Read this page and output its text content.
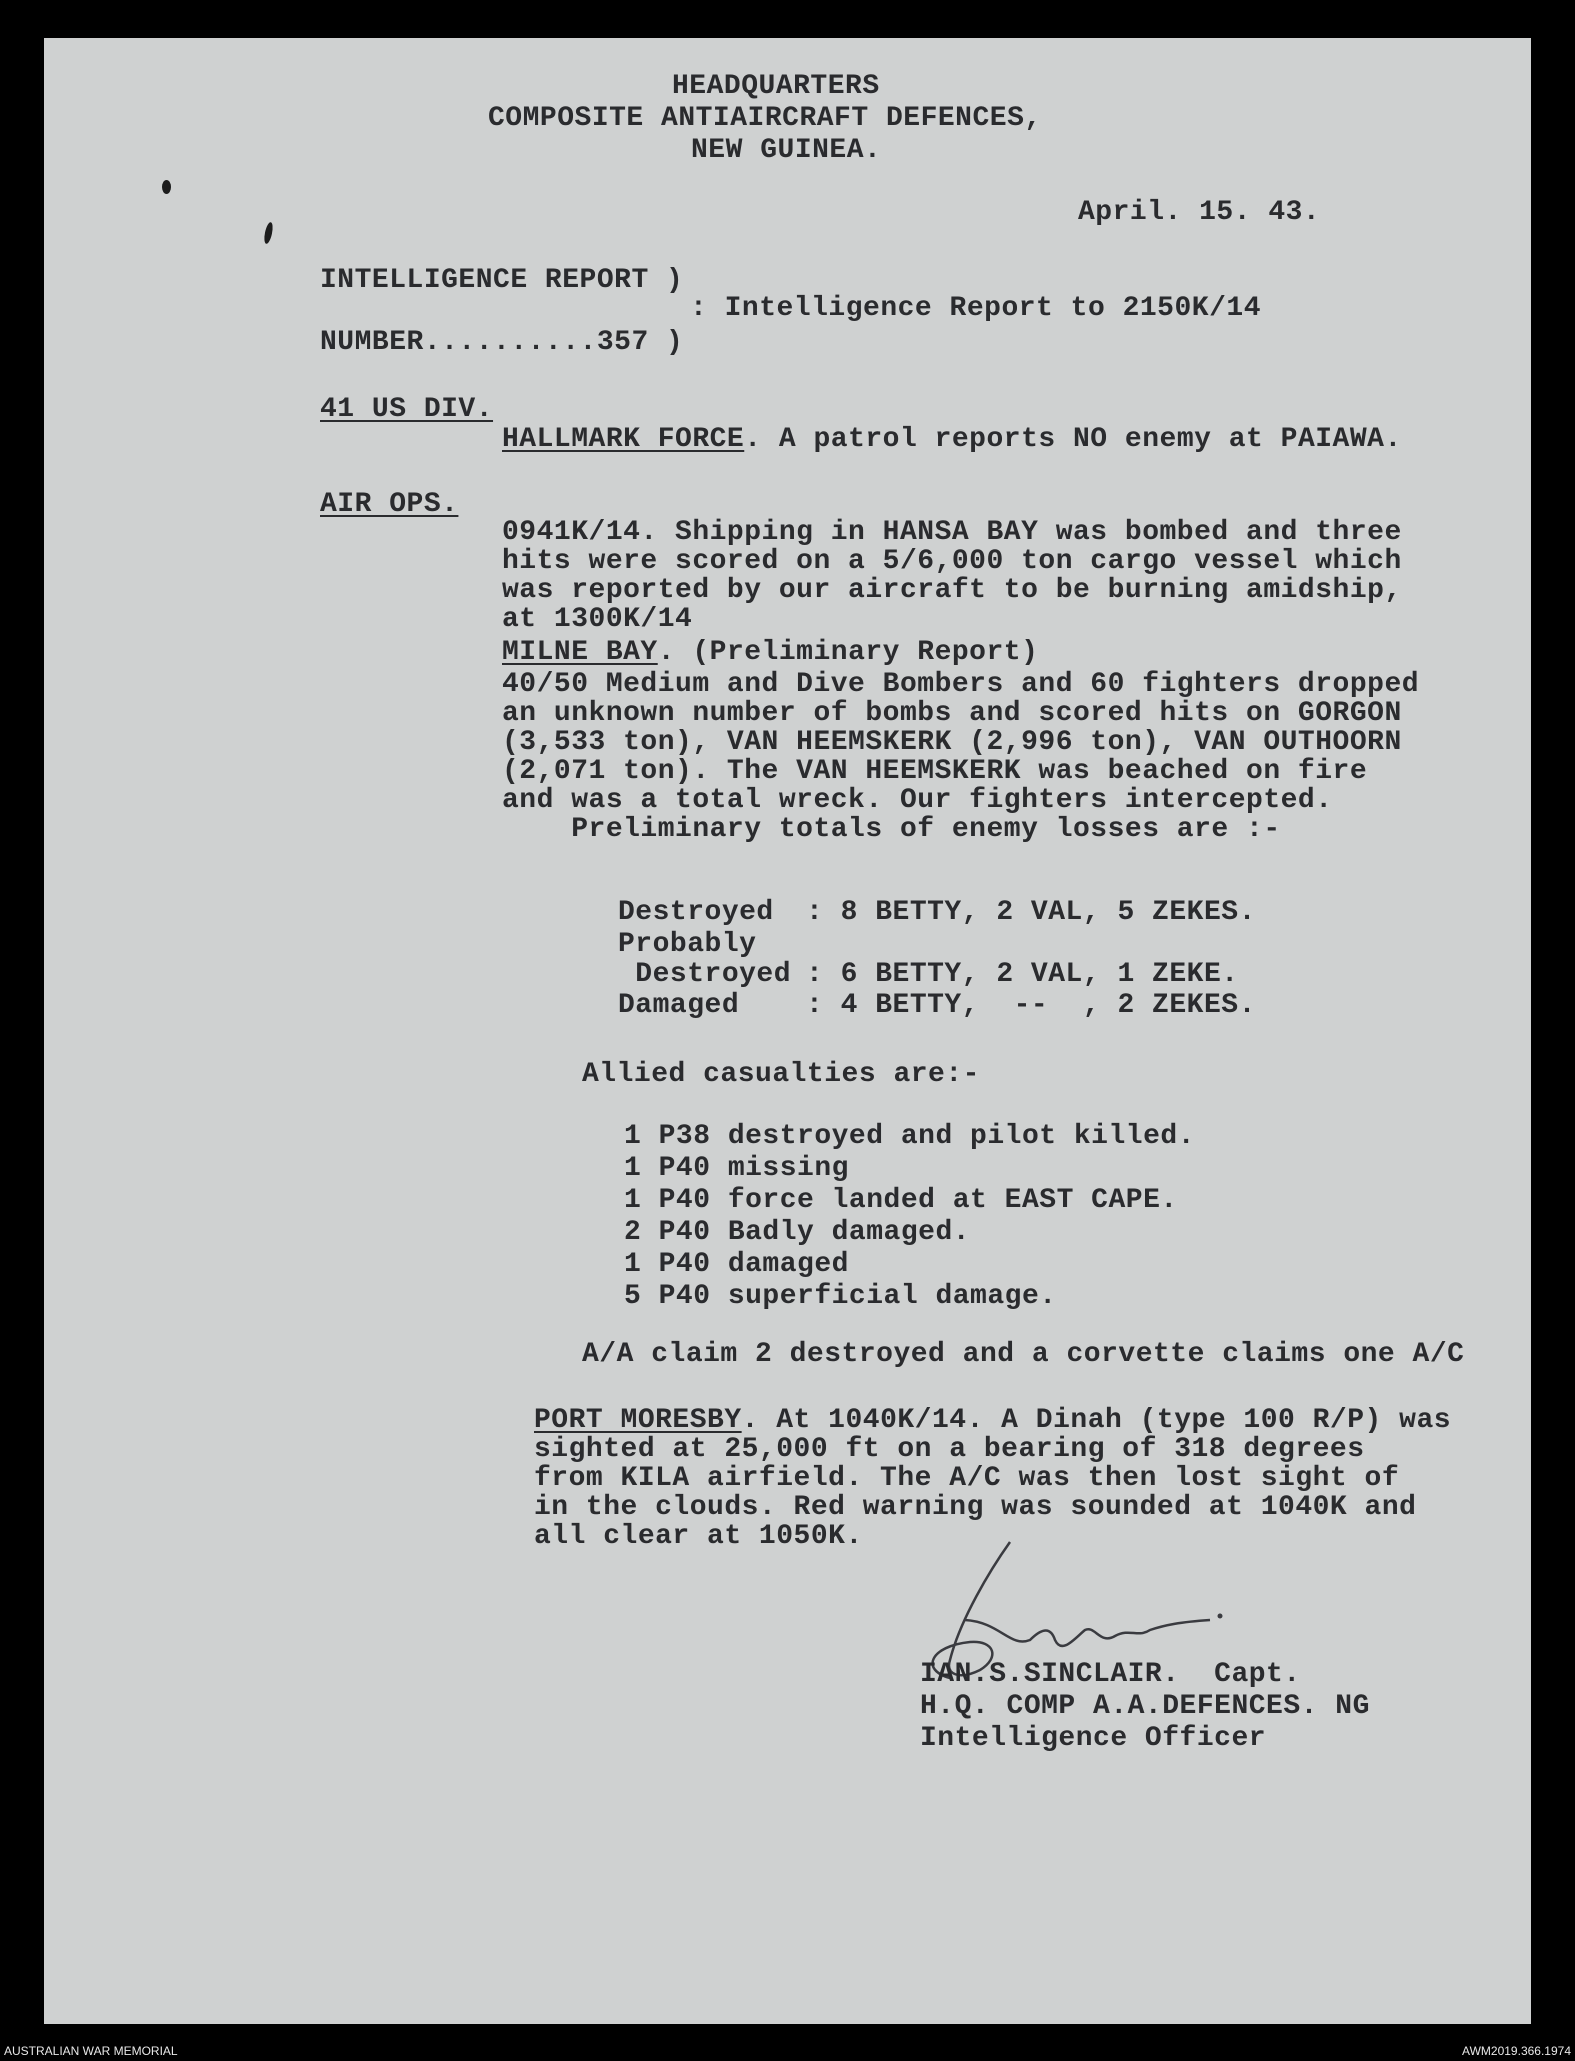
HEADQUARTERS
COMPOSITE ANTIAIRCRAFT DEFENCES,
NEW GUINEA.
April. 15. 43.
INTELLIGENCE REPORT )
: Intelligence Report to 2150K/14
NUMBER..........357 )
41 US DIV.
HALLMARK FORCE. A patrol reports NO enemy at PAIAWA.
AIR OPS.
0941K/14. Shipping in HANSA BAY was bombed and three
hits were scored on a 5/6,000 ton cargo vessel which
was reported by our aircraft to be burning amidship,
at 1300K/14
MILNE BAY. (Preliminary Report)
40/50 Medium and Dive Bombers and 60 fighters dropped
an unknown number of bombs and scored hits on GORGON
(3,533 ton), VAN HEEMSKERK (2,996 ton), VAN OUTHOORN
(2,071 ton). The VAN HEEMSKERK was beached on fire
and was a total wreck. Our fighters intercepted.
Preliminary totals of enemy losses are :-
Destroyed : 8 BETTY, 2 VAL, 5 ZEKES.
Probably
Destroyed : 6 BETTY, 2 VAL, 1 ZEKE.
Damaged : 4 BETTY,  --  , 2 ZEKES.
Allied casualties are:-
1 P38 destroyed and pilot killed.
1 P40 missing
1 P40 force landed at EAST CAPE.
2 P40 Badly damaged.
1 P40 damaged
5 P40 superficial damage.
A/A claim 2 destroyed and a corvette claims one A/C
PORT MORESBY. At 1040K/14. A Dinah (type 100 R/P) was
sighted at 25,000 ft on a bearing of 318 degrees
from KILA airfield. The A/C was then lost sight of
in the clouds. Red warning was sounded at 1040K and
all clear at 1050K.
IAN.S.SINCLAIR.  Capt.
H.Q. COMP A.A.DEFENCES. NG
Intelligence Officer
AUSTRALIAN WAR MEMORIAL	AWM2019.366.1974
